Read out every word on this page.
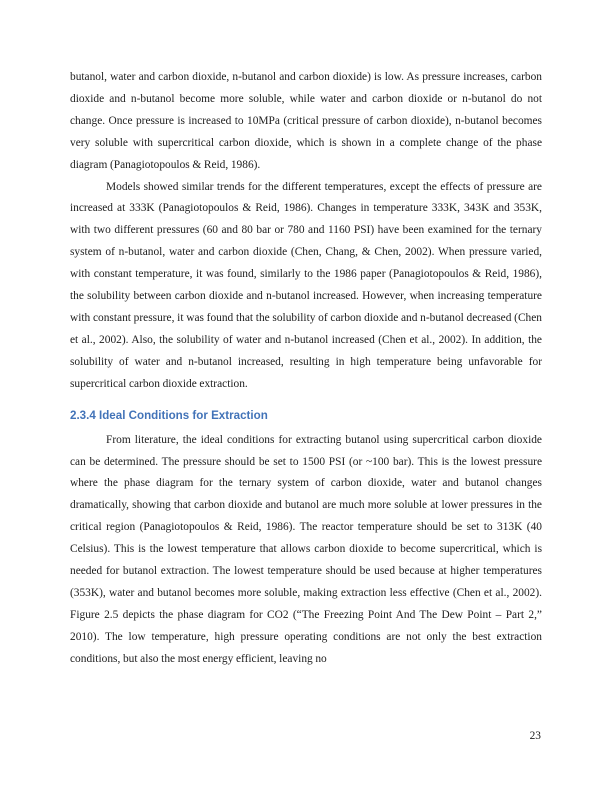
butanol, water and carbon dioxide, n-butanol and carbon dioxide) is low. As pressure increases, carbon dioxide and n-butanol become more soluble, while water and carbon dioxide or n-butanol do not change. Once pressure is increased to 10MPa (critical pressure of carbon dioxide), n-butanol becomes very soluble with supercritical carbon dioxide, which is shown in a complete change of the phase diagram (Panagiotopoulos & Reid, 1986).

Models showed similar trends for the different temperatures, except the effects of pressure are increased at 333K (Panagiotopoulos & Reid, 1986). Changes in temperature 333K, 343K and 353K, with two different pressures (60 and 80 bar or 780 and 1160 PSI) have been examined for the ternary system of n-butanol, water and carbon dioxide (Chen, Chang, & Chen, 2002). When pressure varied, with constant temperature, it was found, similarly to the 1986 paper (Panagiotopoulos & Reid, 1986), the solubility between carbon dioxide and n-butanol increased. However, when increasing temperature with constant pressure, it was found that the solubility of carbon dioxide and n-butanol decreased (Chen et al., 2002). Also, the solubility of water and n-butanol increased (Chen et al., 2002). In addition, the solubility of water and n-butanol increased, resulting in high temperature being unfavorable for supercritical carbon dioxide extraction.

2.3.4 Ideal Conditions for Extraction

From literature, the ideal conditions for extracting butanol using supercritical carbon dioxide can be determined. The pressure should be set to 1500 PSI (or ~100 bar). This is the lowest pressure where the phase diagram for the ternary system of carbon dioxide, water and butanol changes dramatically, showing that carbon dioxide and butanol are much more soluble at lower pressures in the critical region (Panagiotopoulos & Reid, 1986). The reactor temperature should be set to 313K (40 Celsius). This is the lowest temperature that allows carbon dioxide to become supercritical, which is needed for butanol extraction. The lowest temperature should be used because at higher temperatures (353K), water and butanol becomes more soluble, making extraction less effective (Chen et al., 2002). Figure 2.5 depicts the phase diagram for CO2 (“The Freezing Point And The Dew Point – Part 2,” 2010). The low temperature, high pressure operating conditions are not only the best extraction conditions, but also the most energy efficient, leaving no

23
